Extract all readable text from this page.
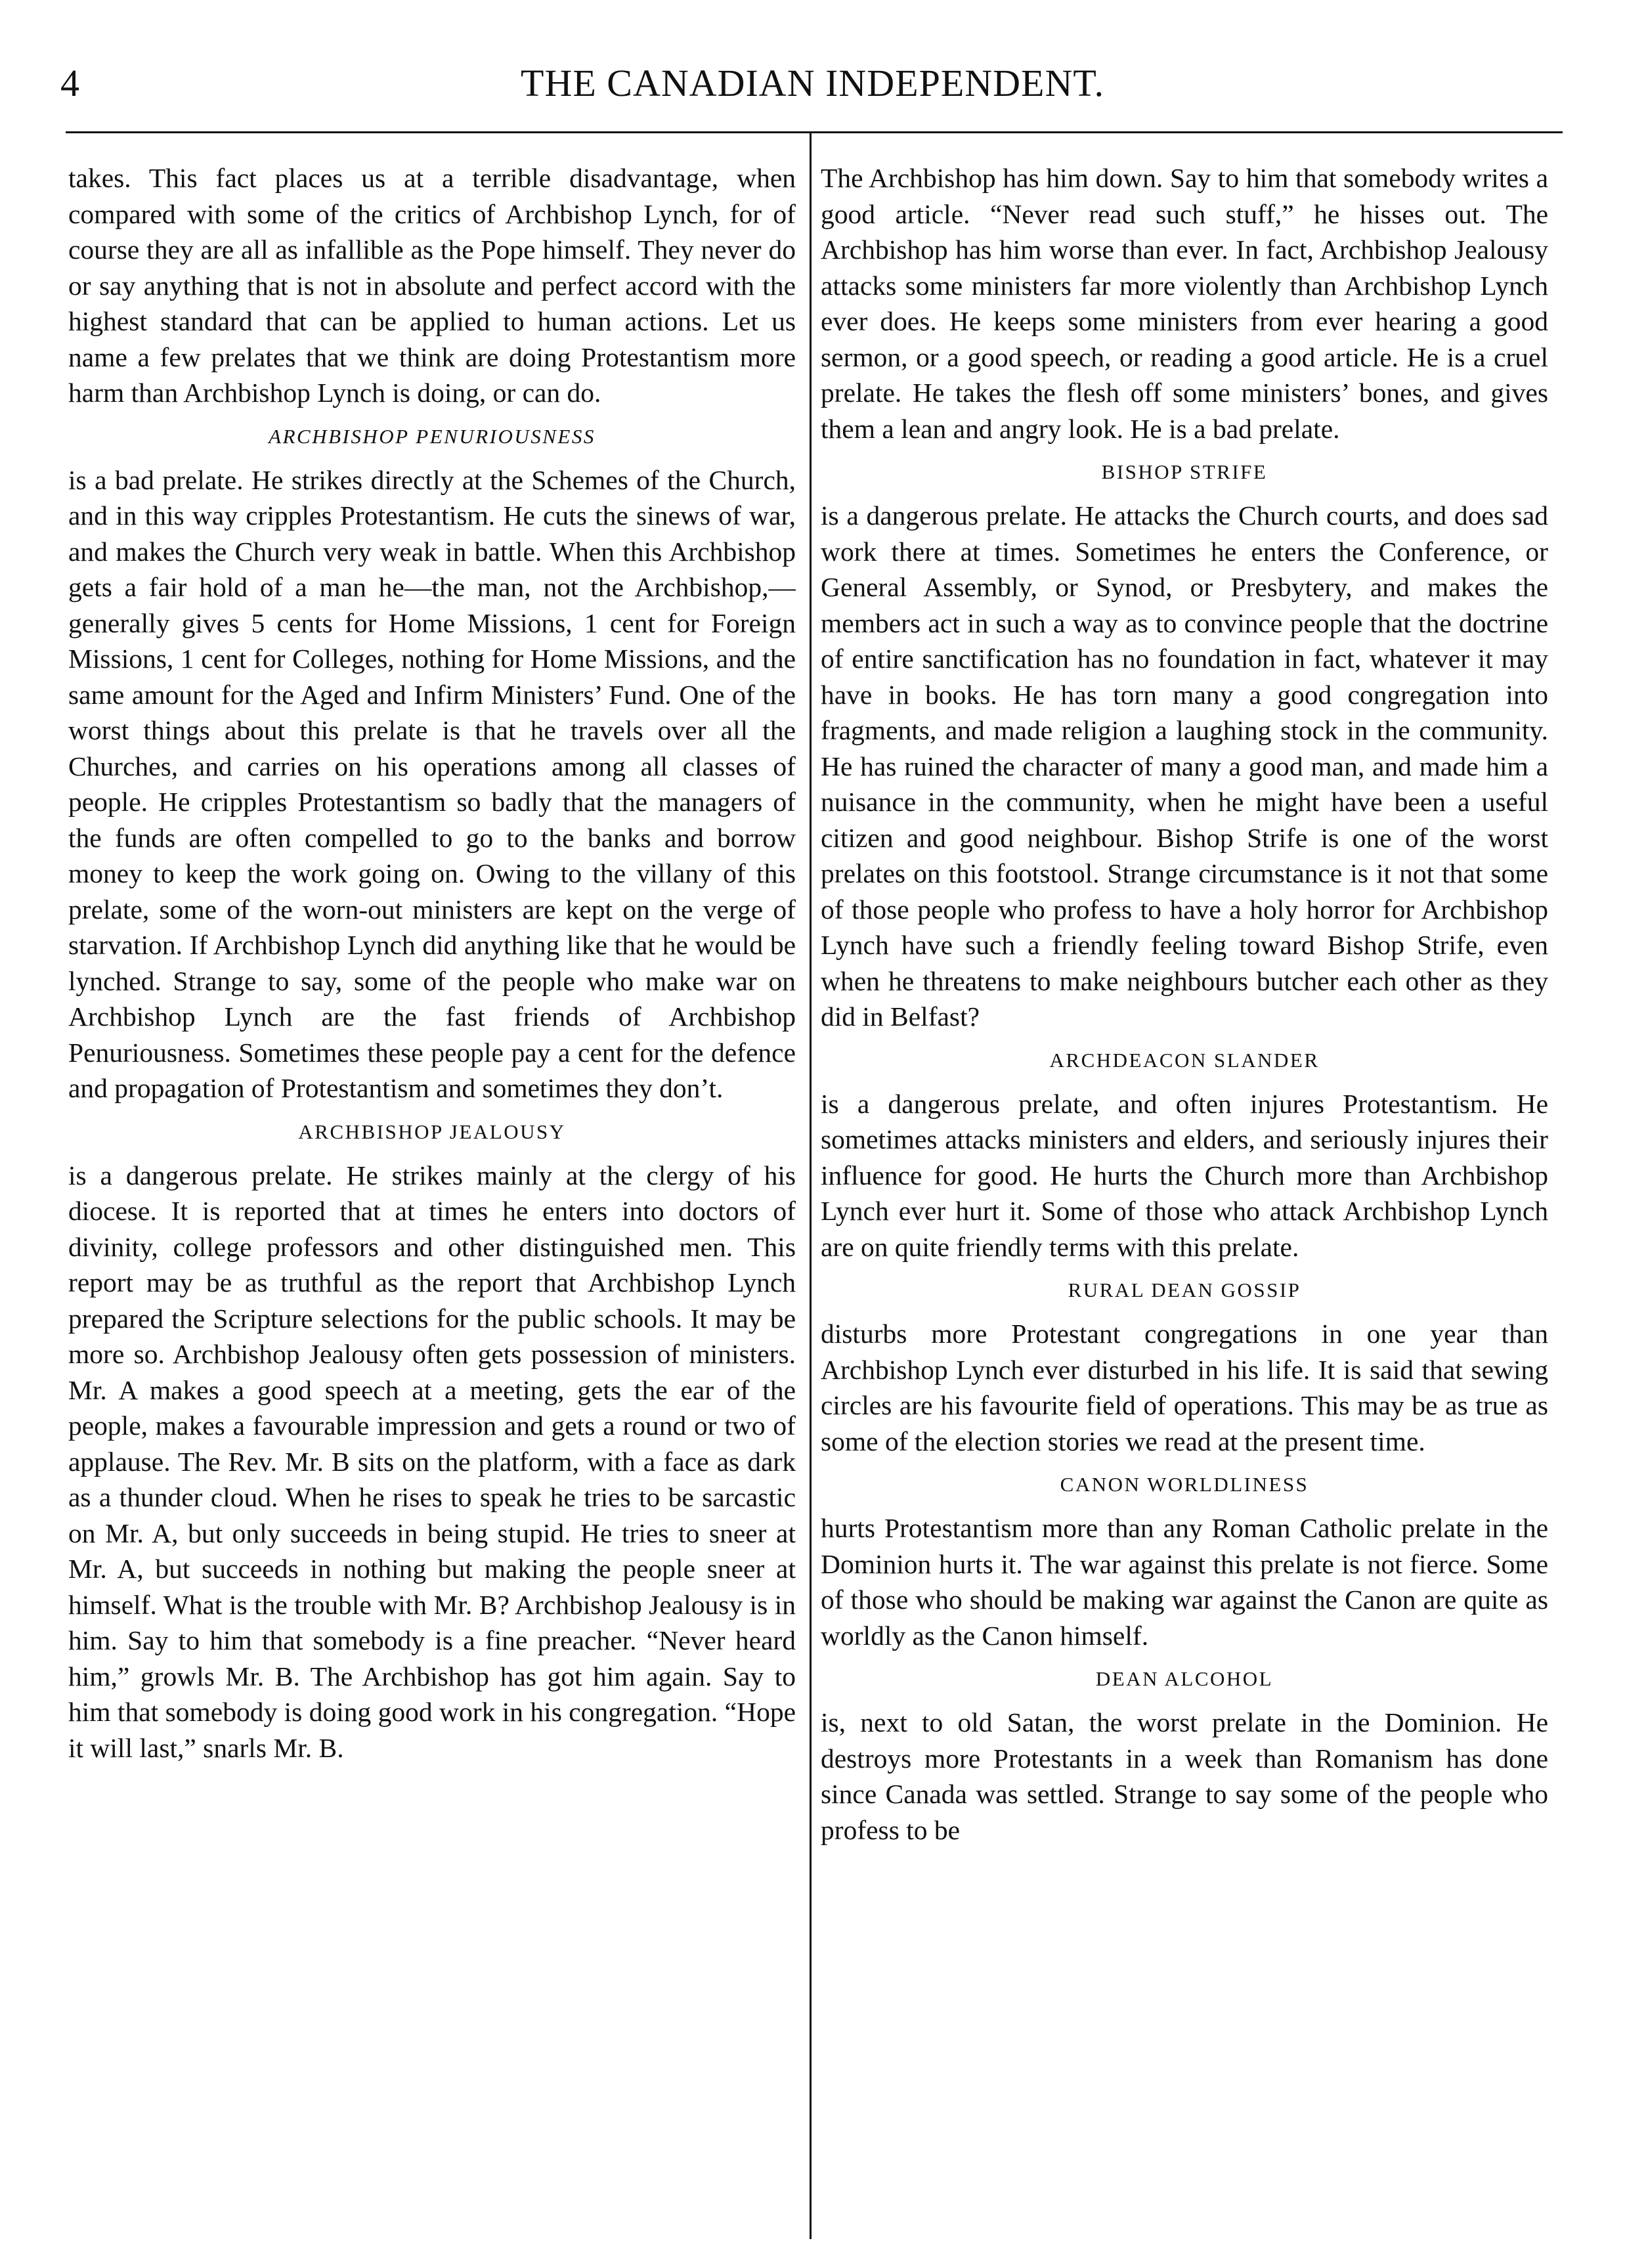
4	THE CANADIAN INDEPENDENT.

takes. This fact places us at a terrible disadvantage, when compared with some of the critics of Archbishop Lynch, for of course they are all as infallible as the Pope himself. They never do or say anything that is not in absolute and perfect accord with the highest standard that can be applied to human actions. Let us name a few prelates that we think are doing Protestantism more harm than Archbishop Lynch is doing, or can do.

ARCHBISHOP PENURIOUSNESS

is a bad prelate. He strikes directly at the Schemes of the Church, and in this way cripples Protestantism. He cuts the sinews of war, and makes the Church very weak in battle. When this Archbishop gets a fair hold of a man he—the man, not the Archbishop,—generally gives 5 cents for Home Missions, 1 cent for Foreign Missions, 1 cent for Colleges, nothing for Home Missions, and the same amount for the Aged and Infirm Ministers’ Fund. One of the worst things about this prelate is that he travels over all the Churches, and carries on his operations among all classes of people. He cripples Protestantism so badly that the managers of the funds are often compelled to go to the banks and borrow money to keep the work going on. Owing to the villany of this prelate, some of the worn-out ministers are kept on the verge of starvation. If Archbishop Lynch did anything like that he would be lynched. Strange to say, some of the people who make war on Archbishop Lynch are the fast friends of Archbishop Penuriousness. Sometimes these people pay a cent for the defence and propagation of Protestantism and sometimes they don’t.

ARCHBISHOP JEALOUSY

is a dangerous prelate. He strikes mainly at the clergy of his diocese. It is reported that at times he enters into doctors of divinity, college professors and other distinguished men. This report may be as truthful as the report that Archbishop Lynch prepared the Scripture selections for the public schools. It may be more so. Archbishop Jealousy often gets possession of ministers. Mr. A makes a good speech at a meeting, gets the ear of the people, makes a favourable impression and gets a round or two of applause. The Rev. Mr. B sits on the platform, with a face as dark as a thunder cloud. When he rises to speak he tries to be sarcastic on Mr. A, but only succeeds in being stupid. He tries to sneer at Mr. A, but succeeds in nothing but making the people sneer at himself. What is the trouble with Mr. B? Archbishop Jealousy is in him. Say to him that somebody is a fine preacher. “Never heard him,” growls Mr. B. The Archbishop has got him again. Say to him that somebody is doing good work in his congregation. “Hope it will last,” snarls Mr. B.

The Archbishop has him down. Say to him that somebody writes a good article. “Never read such stuff,” he hisses out. The Archbishop has him worse than ever. In fact, Archbishop Jealousy attacks some ministers far more violently than Archbishop Lynch ever does. He keeps some ministers from ever hearing a good sermon, or a good speech, or reading a good article. He is a cruel prelate. He takes the flesh off some ministers’ bones, and gives them a lean and angry look. He is a bad prelate.

BISHOP STRIFE

is a dangerous prelate. He attacks the Church courts, and does sad work there at times. Sometimes he enters the Conference, or General Assembly, or Synod, or Presbytery, and makes the members act in such a way as to convince people that the doctrine of entire sanctification has no foundation in fact, whatever it may have in books. He has torn many a good congregation into fragments, and made religion a laughing stock in the community. He has ruined the character of many a good man, and made him a nuisance in the community, when he might have been a useful citizen and good neighbour. Bishop Strife is one of the worst prelates on this footstool. Strange circumstance is it not that some of those people who profess to have a holy horror for Archbishop Lynch have such a friendly feeling toward Bishop Strife, even when he threatens to make neighbours butcher each other as they did in Belfast?

ARCHDEACON SLANDER

is a dangerous prelate, and often injures Protestantism. He sometimes attacks ministers and elders, and seriously injures their influence for good. He hurts the Church more than Archbishop Lynch ever hurt it. Some of those who attack Archbishop Lynch are on quite friendly terms with this prelate.

RURAL DEAN GOSSIP

disturbs more Protestant congregations in one year than Archbishop Lynch ever disturbed in his life. It is said that sewing circles are his favourite field of operations. This may be as true as some of the election stories we read at the present time.

CANON WORLDLINESS

hurts Protestantism more than any Roman Catholic prelate in the Dominion hurts it. The war against this prelate is not fierce. Some of those who should be making war against the Canon are quite as worldly as the Canon himself.

DEAN ALCOHOL

is, next to old Satan, the worst prelate in the Dominion. He destroys more Protestants in a week than Romanism has done since Canada was settled. Strange to say some of the people who profess to be
